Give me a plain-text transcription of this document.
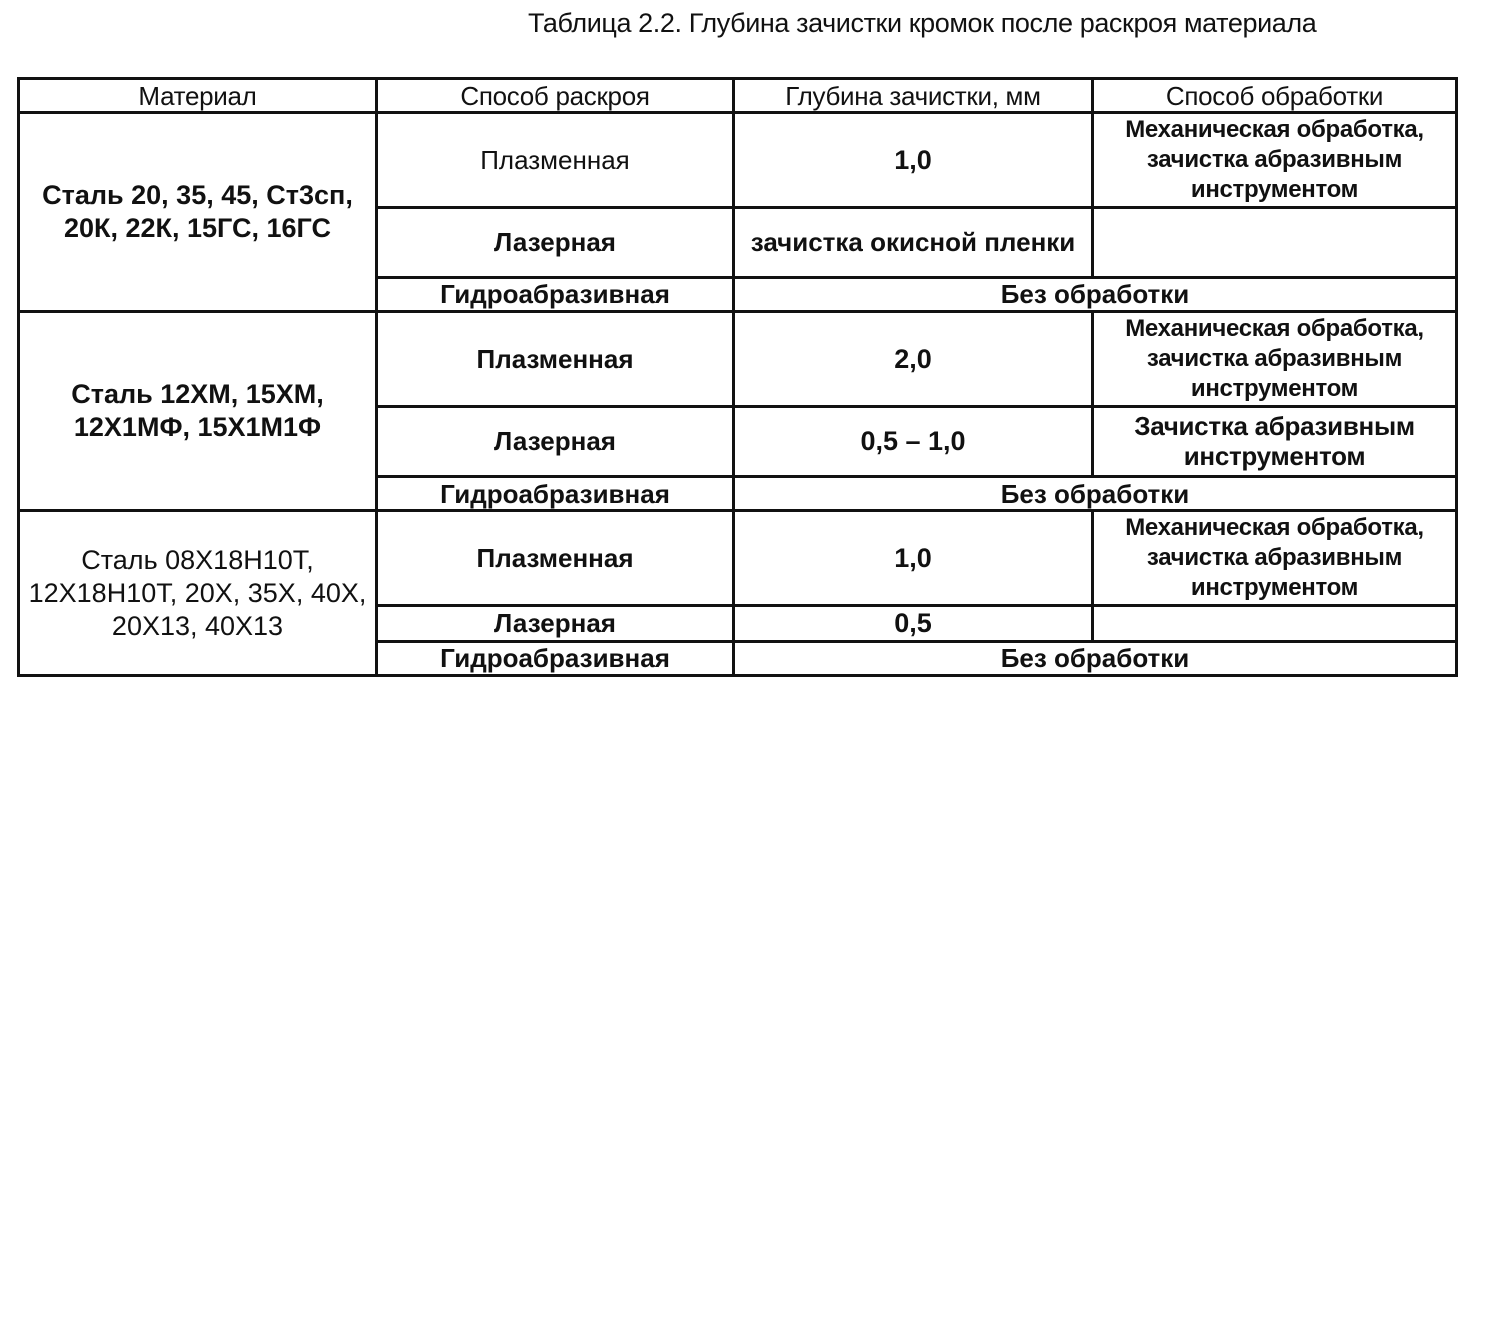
Таблица 2.2. Глубина зачистки кромок после раскроя материала
Материал	Способ раскроя	Глубина зачистки, мм	Способ обработки
Сталь 20, 35, 45, Ст3сп, 20К, 22К, 15ГС, 16ГС	Плазменная	1,0	Механическая обработка, зачистка абразивным инструментом
	Лазерная	зачистка окисной пленки	
	Гидроабразивная	Без обработки	
Сталь 12ХМ, 15ХМ, 12Х1МФ, 15Х1М1Ф	Плазменная	2,0	Механическая обработка, зачистка абразивным инструментом
	Лазерная	0,5 – 1,0	Зачистка абразивным инструментом
	Гидроабразивная	Без обработки	
Сталь 08Х18Н10Т, 12Х18Н10Т, 20Х, 35Х, 40Х, 20Х13, 40Х13	Плазменная	1,0	Механическая обработка, зачистка абразивным инструментом
	Лазерная	0,5	
	Гидроабразивная	Без обработки	
